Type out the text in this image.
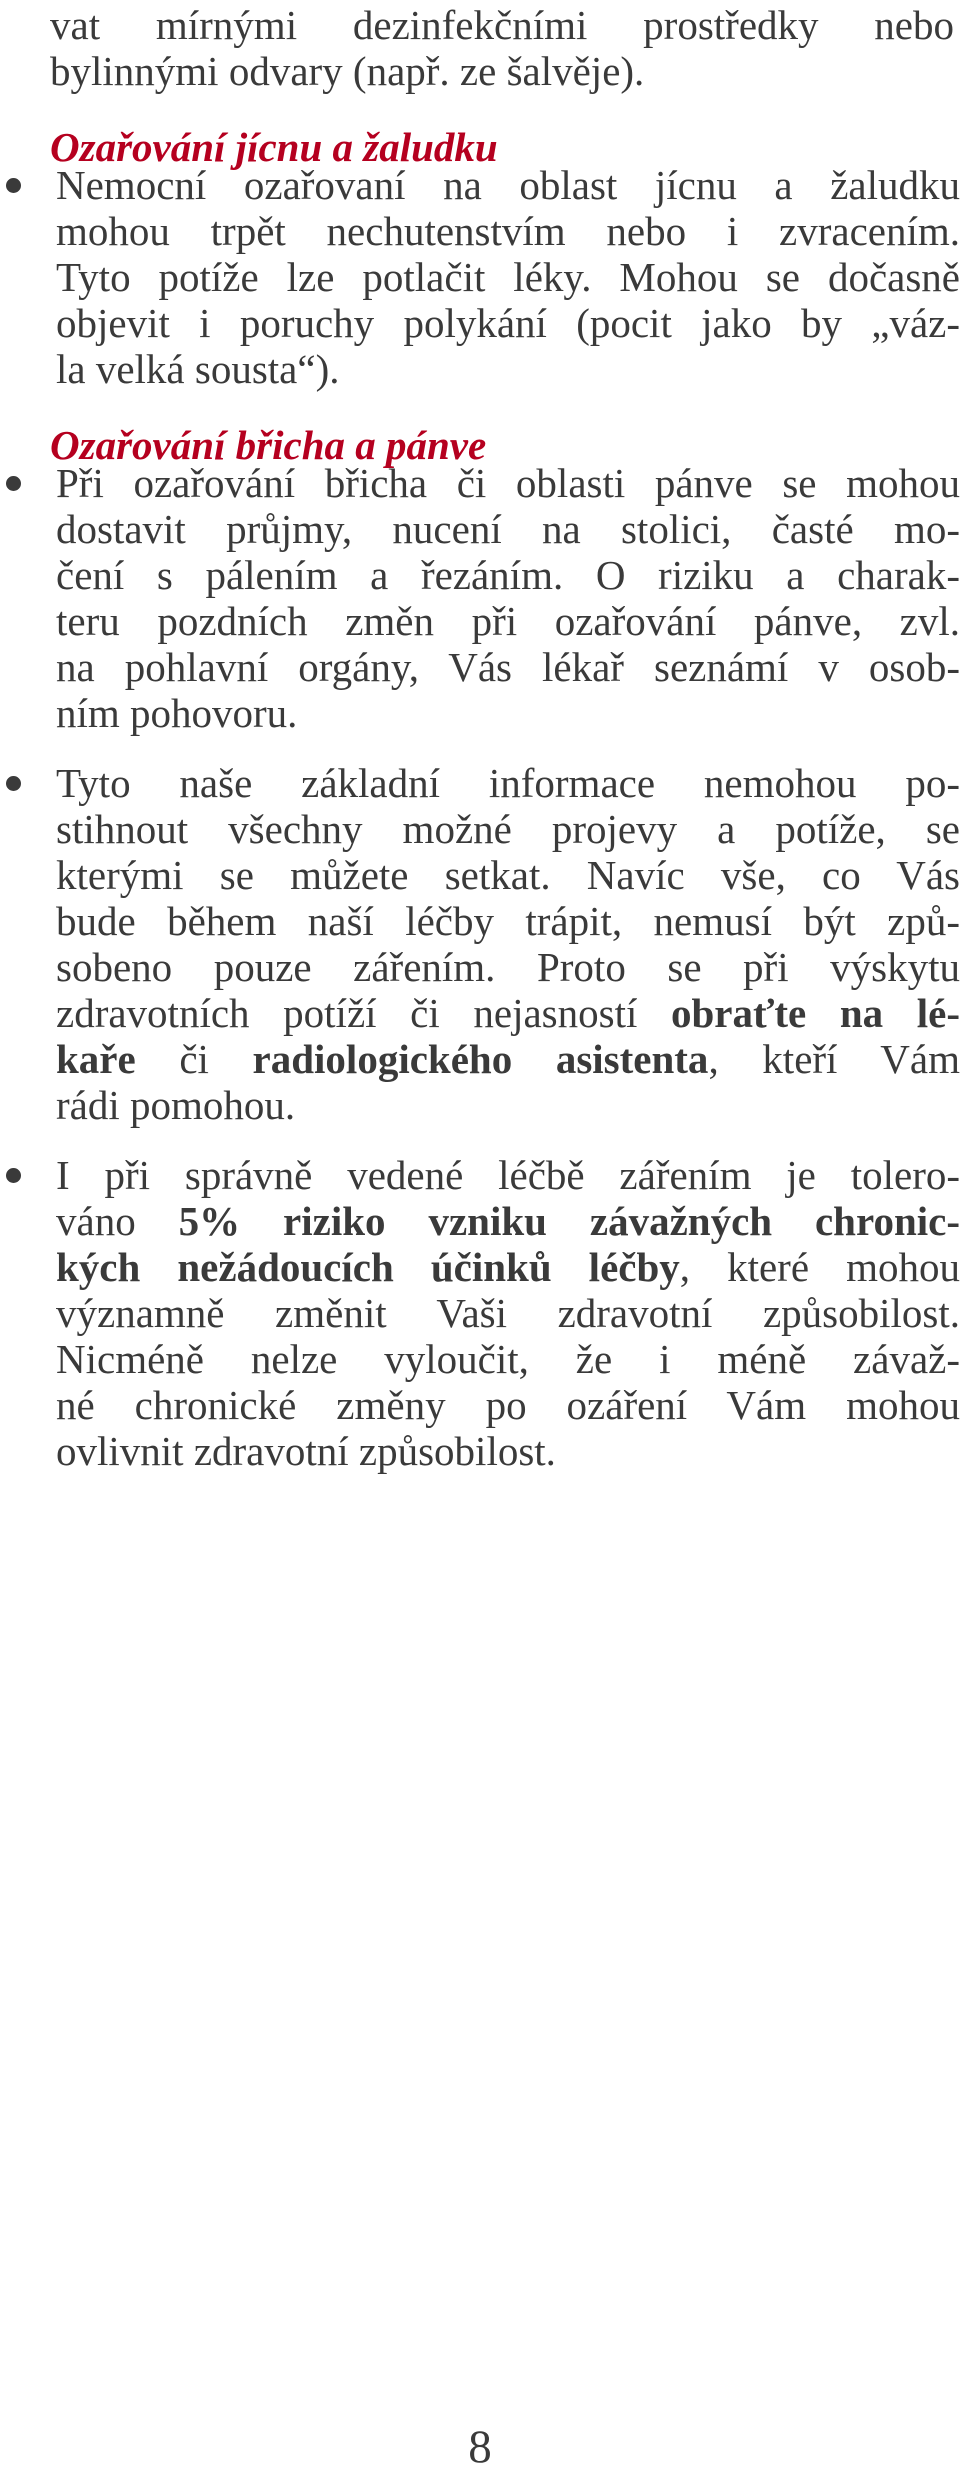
vat mírnými dezinfekčními prostředky nebo
bylinnými odvary (např. ze šalvěje).
Ozařování jícnu a žaludku
Nemocní ozařovaní na oblast jícnu a žaludku
mohou trpět nechutenstvím nebo i zvracením.
Tyto potíže lze potlačit léky. Mohou se dočasně
objevit i poruchy polykání (pocit jako by „váz-
la velká sousta“).
Ozařování břicha a pánve
Při ozařování břicha či oblasti pánve se mohou
dostavit průjmy, nucení na stolici, časté mo-
čení s pálením a řezáním. O riziku a charak-
teru pozdních změn při ozařování pánve, zvl.
na pohlavní orgány, Vás lékař seznámí v osob-
ním pohovoru.
Tyto naše základní informace nemohou po-
stihnout všechny možné projevy a potíže, se
kterými se můžete setkat. Navíc vše, co Vás
bude během naší léčby trápit, nemusí být způ-
sobeno pouze zářením. Proto se při výskytu
zdravotních potíží či nejasností obraťte na lé-
kaře či radiologického asistenta, kteří Vám
rádi pomohou.
I při správně vedené léčbě zářením je tolero-
váno 5% riziko vzniku závažných chronic-
kých nežádoucích účinků léčby, které mohou
významně změnit Vaši zdravotní způsobilost.
Nicméně nelze vyloučit, že i méně závaž-
né chronické změny po ozáření Vám mohou
ovlivnit zdravotní způsobilost.
8
